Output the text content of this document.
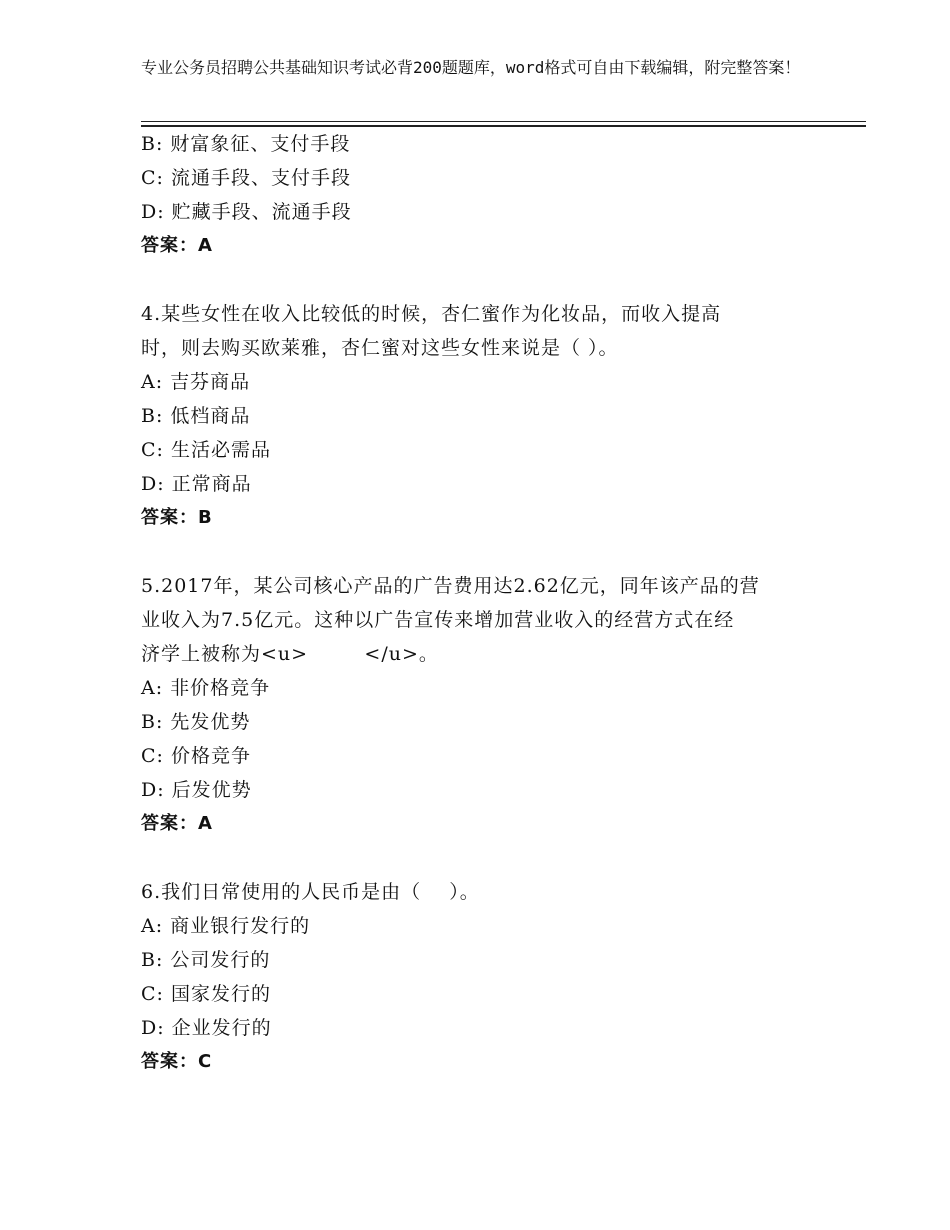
专业公务员招聘公共基础知识考试必背200题题库，word格式可自由下载编辑，附完整答案！
B: 财富象征、支付手段
C: 流通手段、支付手段
D: 贮藏手段、流通手段
答案：A
4.某些女性在收入比较低的时候，杏仁蜜作为化妆品，而收入提高
时，则去购买欧莱雅，杏仁蜜对这些女性来说是（ ）。
A: 吉芬商品
B: 低档商品
C: 生活必需品
D: 正常商品
答案：B
5.2017年，某公司核心产品的广告费用达2.62亿元，同年该产品的营
业收入为7.5亿元。这种以广告宣传来增加营业收入的经营方式在经
济学上被称为<u>        </u>。
A: 非价格竞争
B: 先发优势
C: 价格竞争
D: 后发优势
答案：A
6.我们日常使用的人民币是由（    ）。
A: 商业银行发行的
B: 公司发行的
C: 国家发行的
D: 企业发行的
答案：C
